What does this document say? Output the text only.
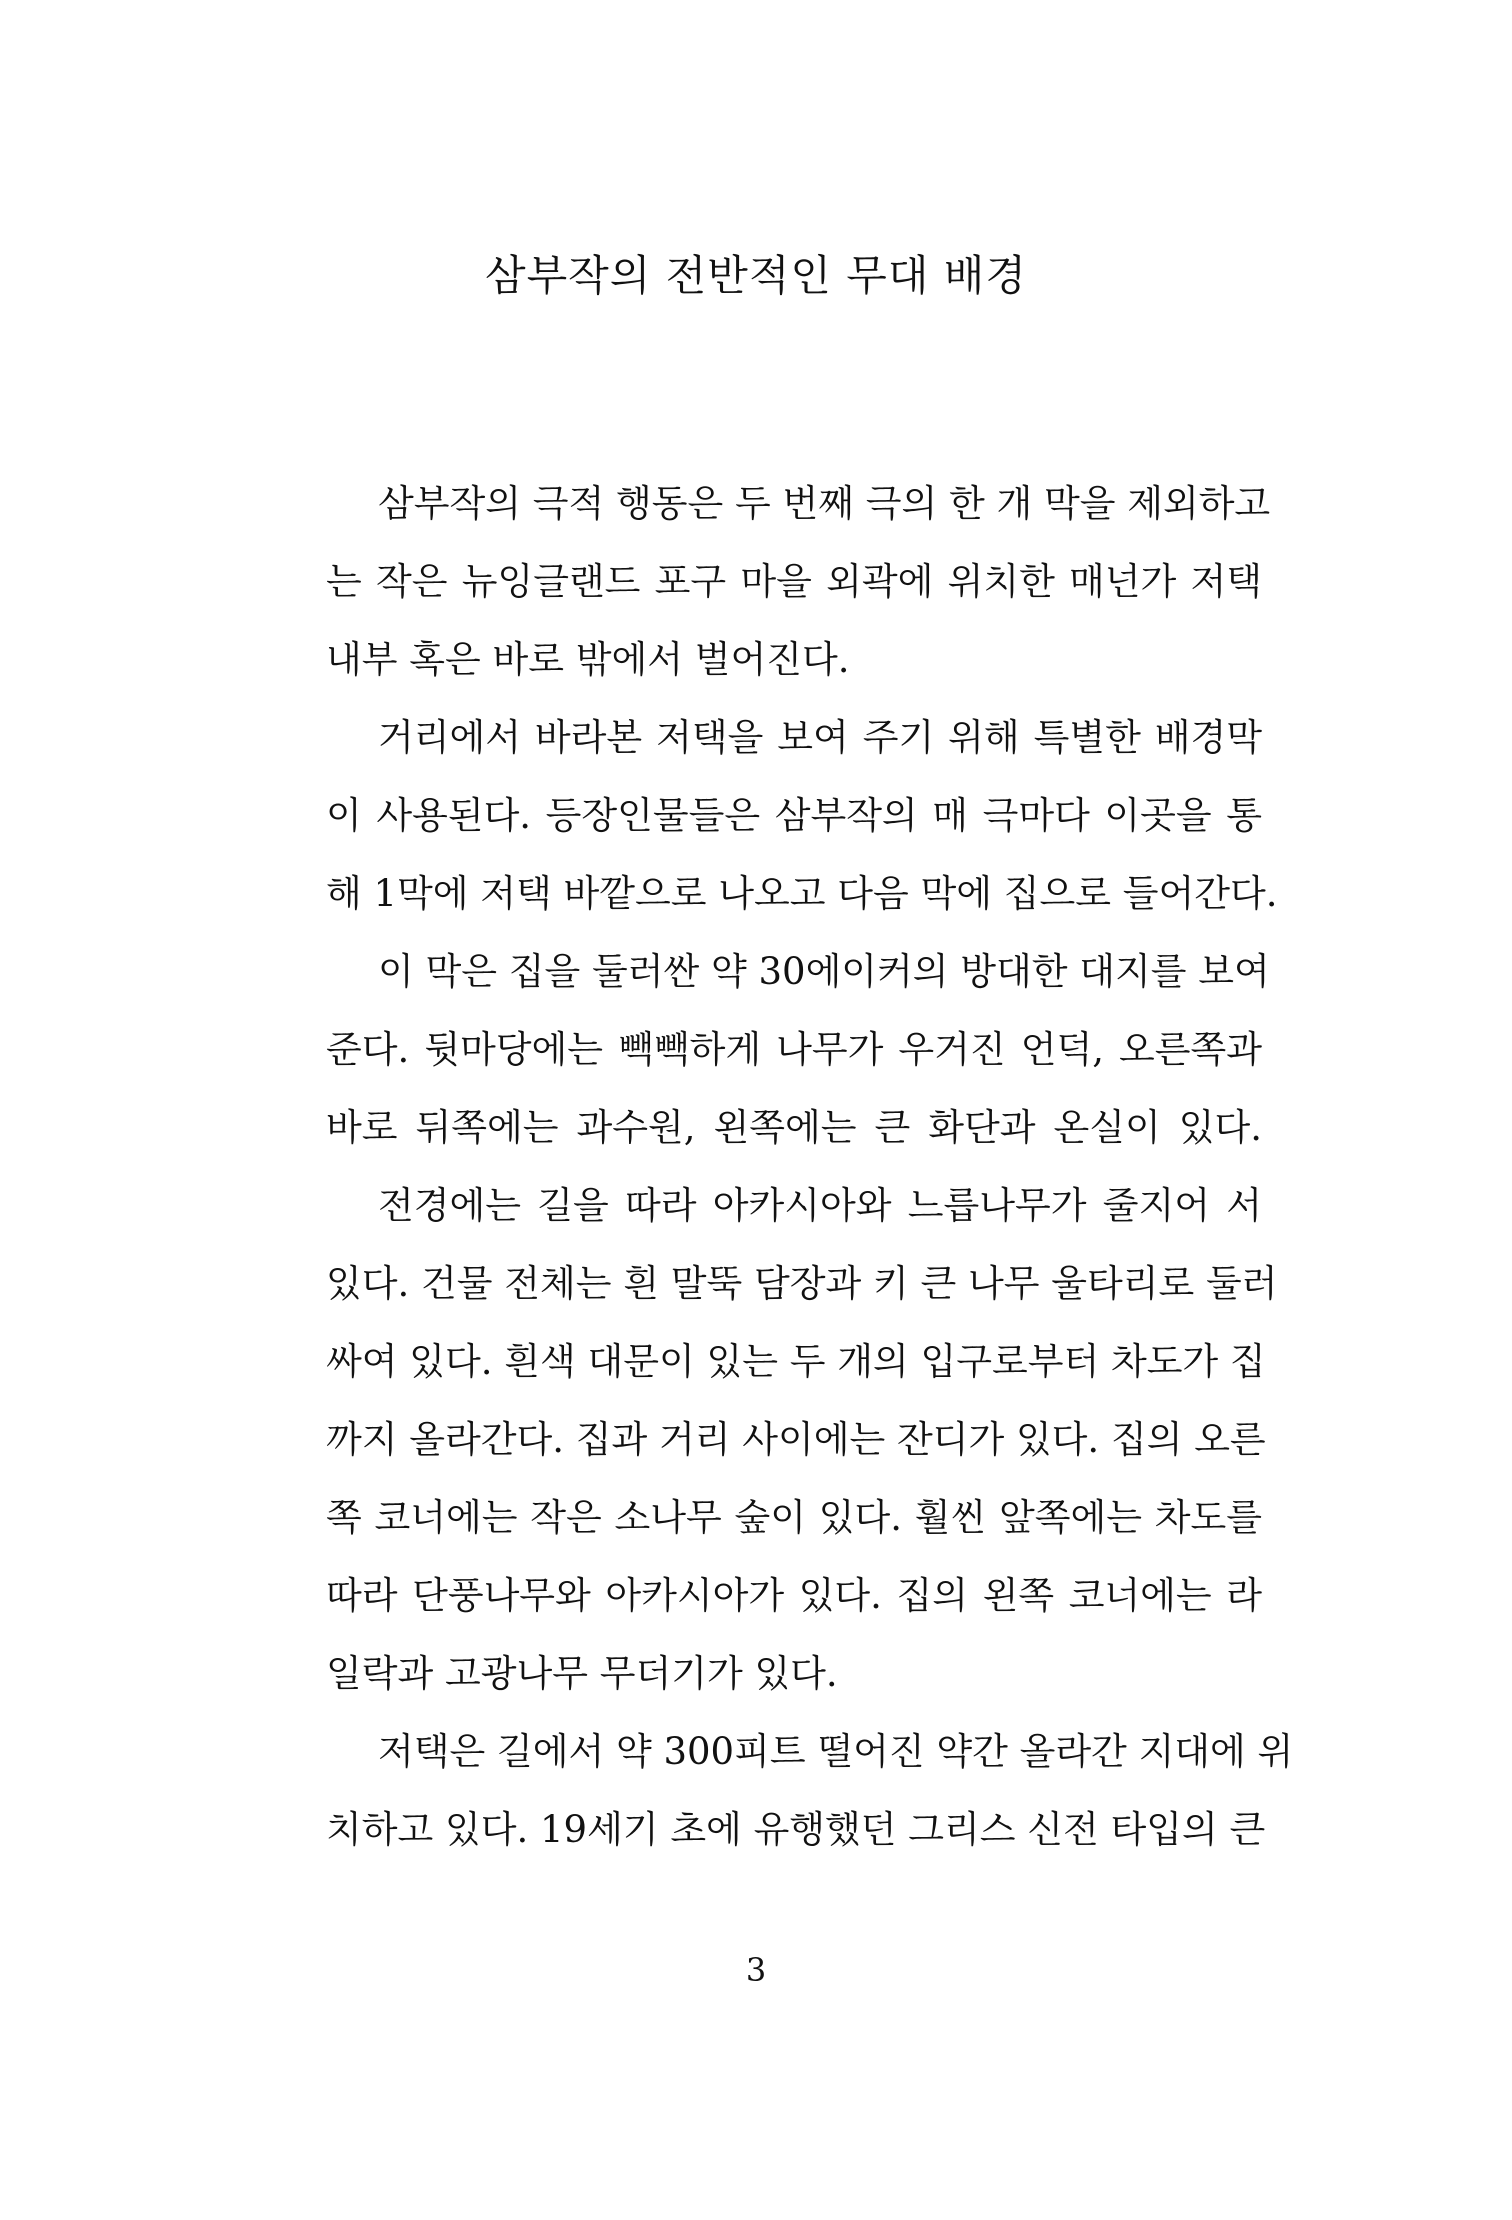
삼부작의 전반적인 무대 배경

삼부작의 극적 행동은 두 번째 극의 한 개 막을 제외하고

는 작은 뉴잉글랜드 포구 마을 외곽에 위치한 매넌가 저택

내부 혹은 바로 밖에서 벌어진다.

거리에서 바라본 저택을 보여 주기 위해 특별한 배경막

이 사용된다. 등장인물들은 삼부작의 매 극마다 이곳을 통

해 1막에 저택 바깥으로 나오고 다음 막에 집으로 들어간다.

이 막은 집을 둘러싼 약 30에이커의 방대한 대지를 보여

준다. 뒷마당에는 빽빽하게 나무가 우거진 언덕, 오른쪽과

바로 뒤쪽에는 과수원, 왼쪽에는 큰 화단과 온실이 있다.

전경에는 길을 따라 아카시아와 느릅나무가 줄지어 서

있다. 건물 전체는 흰 말뚝 담장과 키 큰 나무 울타리로 둘러

싸여 있다. 흰색 대문이 있는 두 개의 입구로부터 차도가 집

까지 올라간다. 집과 거리 사이에는 잔디가 있다. 집의 오른

쪽 코너에는 작은 소나무 숲이 있다. 훨씬 앞쪽에는 차도를

따라 단풍나무와 아카시아가 있다. 집의 왼쪽 코너에는 라

일락과 고광나무 무더기가 있다.

저택은 길에서 약 300피트 떨어진 약간 올라간 지대에 위

치하고 있다. 19세기 초에 유행했던 그리스 신전 타입의 큰

3
